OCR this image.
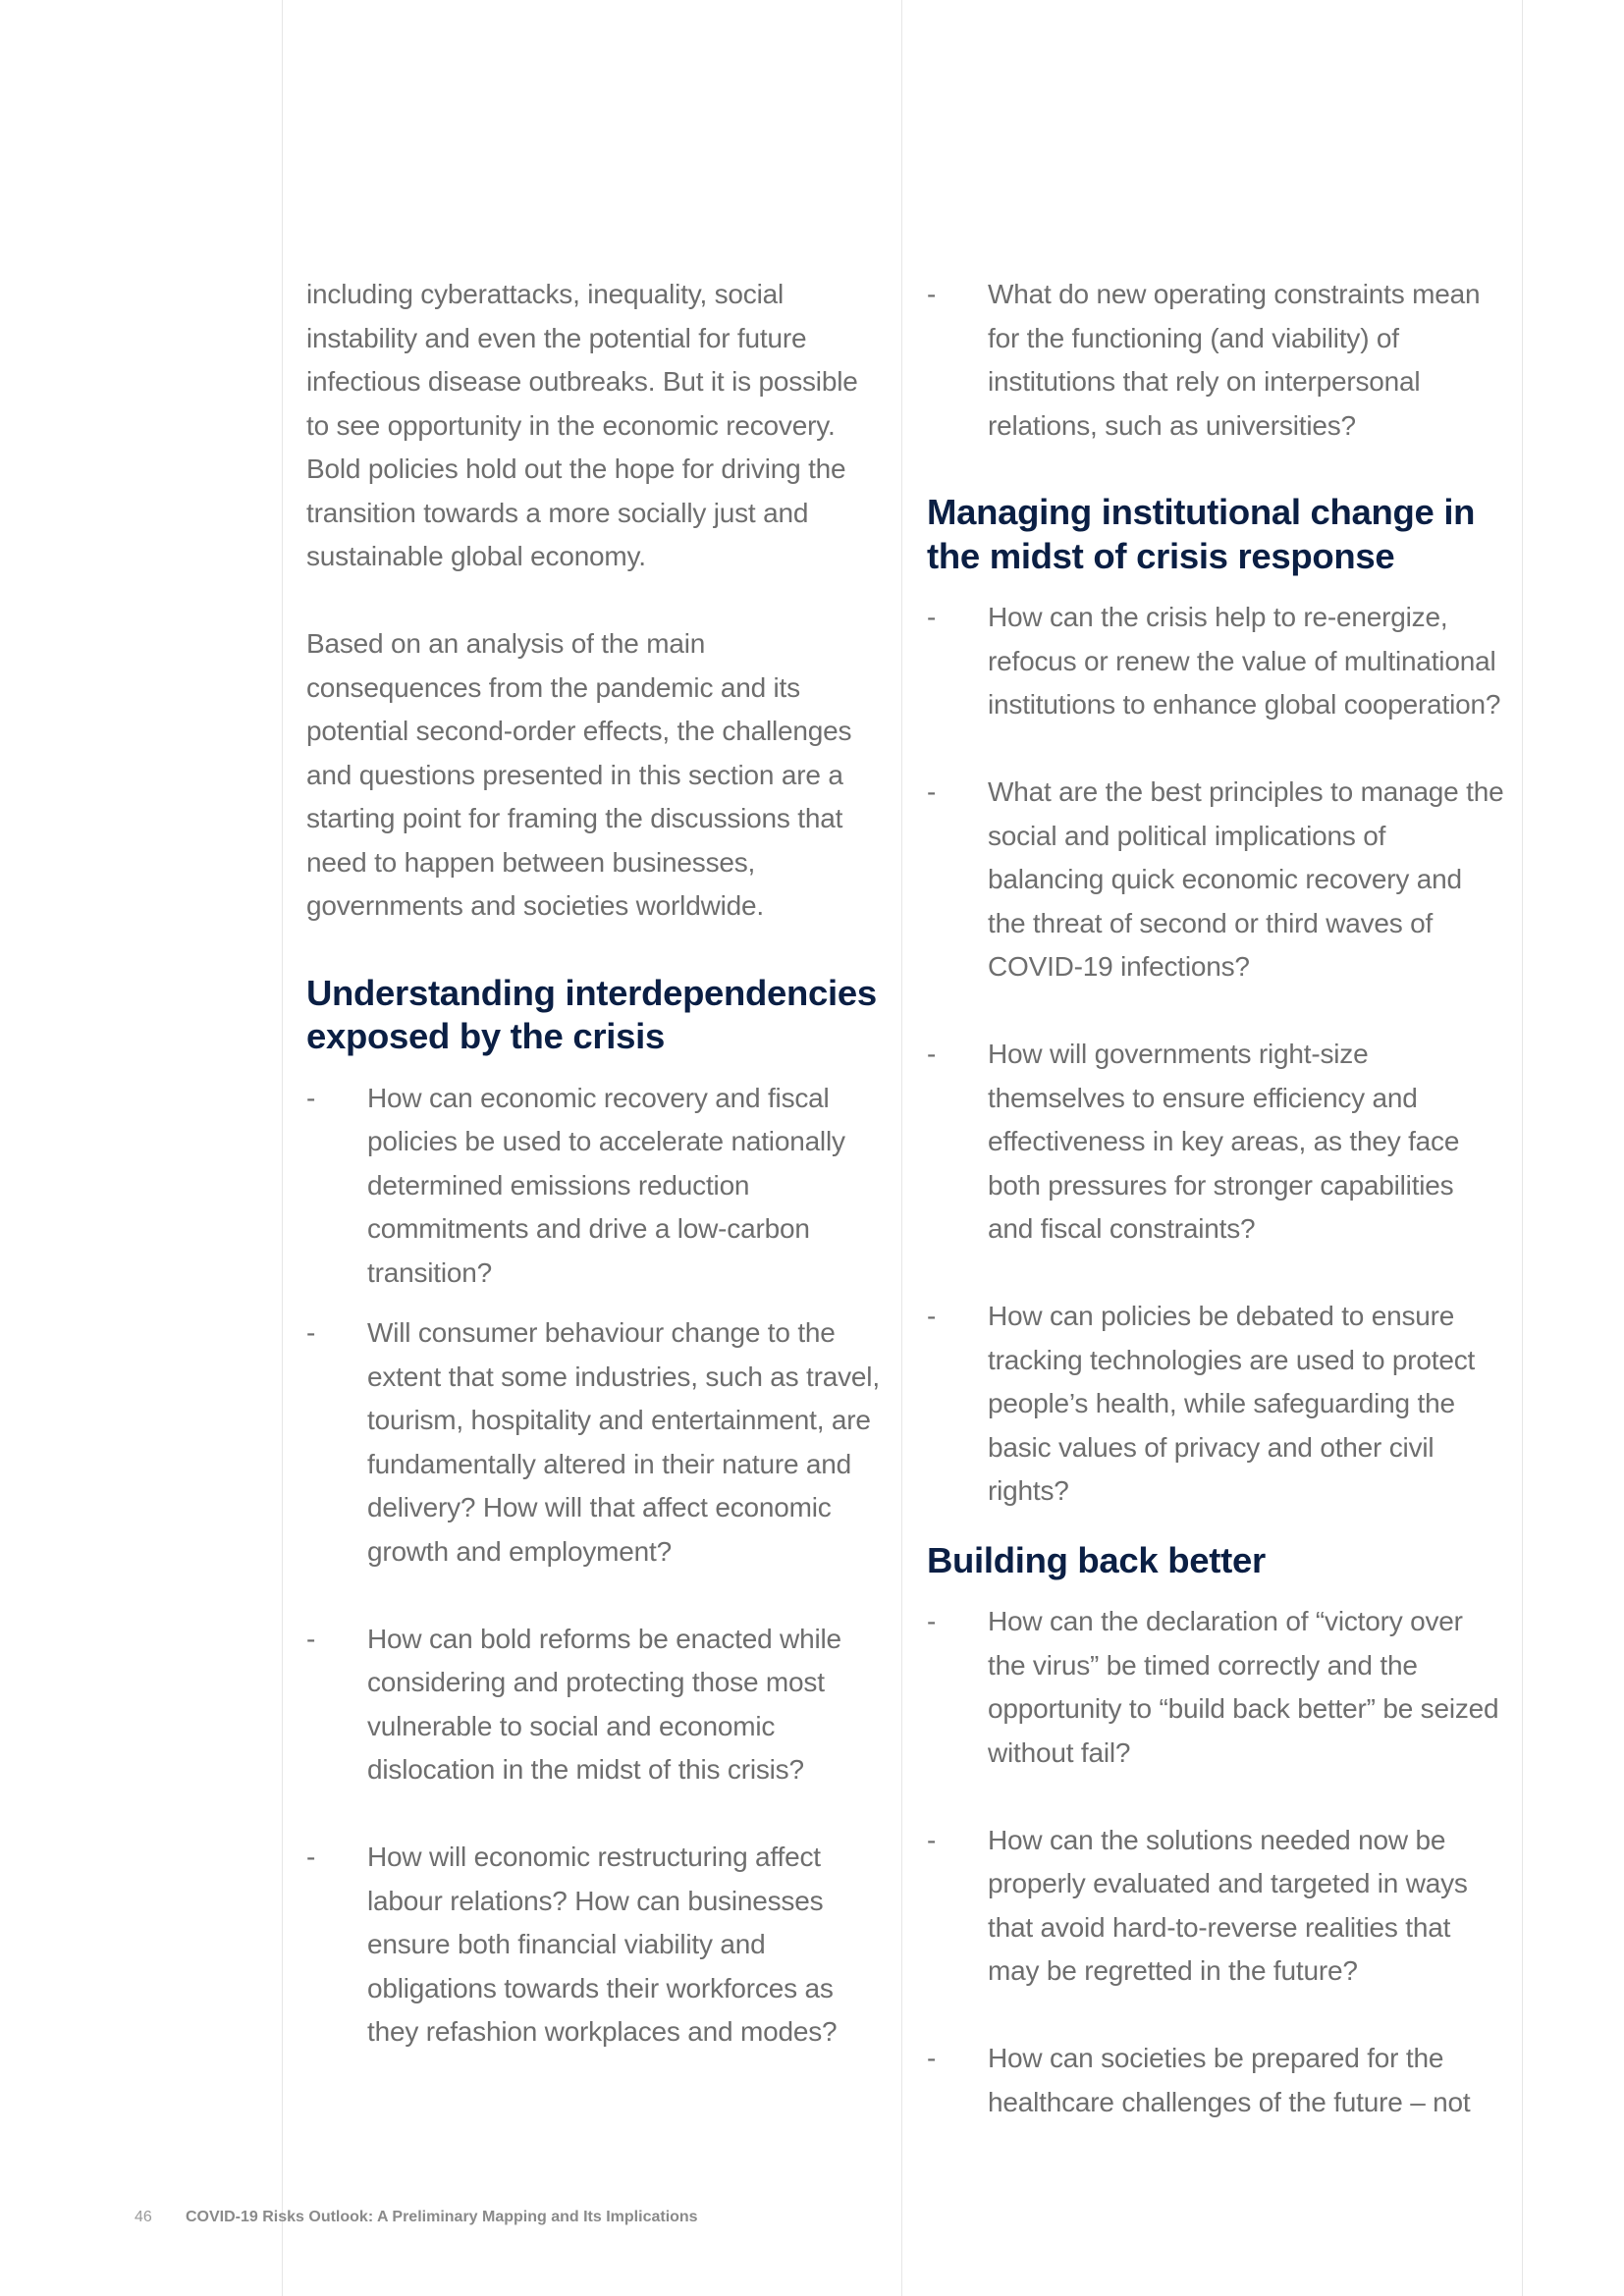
including cyberattacks, inequality, social instability and even the potential for future infectious disease outbreaks. But it is possible to see opportunity in the economic recovery. Bold policies hold out the hope for driving the transition towards a more socially just and sustainable global economy.

Based on an analysis of the main consequences from the pandemic and its potential second-order effects, the challenges and questions presented in this section are a starting point for framing the discussions that need to happen between businesses, governments and societies worldwide.

Understanding interdependencies exposed by the crisis
-	How can economic recovery and fiscal policies be used to accelerate nationally determined emissions reduction commitments and drive a low-carbon transition?
-	Will consumer behaviour change to the extent that some industries, such as travel, tourism, hospitality and entertainment, are fundamentally altered in their nature and delivery? How will that affect economic growth and employment?
-	How can bold reforms be enacted while considering and protecting those most vulnerable to social and economic dislocation in the midst of this crisis?
-	How will economic restructuring affect labour relations? How can businesses ensure both financial viability and obligations towards their workforces as they refashion workplaces and modes?
-	What do new operating constraints mean for the functioning (and viability) of institutions that rely on interpersonal relations, such as universities?
Managing institutional change in the midst of crisis response
-	How can the crisis help to re-energize, refocus or renew the value of multinational institutions to enhance global cooperation?
-	What are the best principles to manage the social and political implications of balancing quick economic recovery and the threat of second or third waves of COVID-19 infections?
-	How will governments right-size themselves to ensure efficiency and effectiveness in key areas, as they face both pressures for stronger capabilities and fiscal constraints?
-	How can policies be debated to ensure tracking technologies are used to protect people’s health, while safeguarding the basic values of privacy and other civil rights?
Building back better
-	How can the declaration of “victory over the virus” be timed correctly and the opportunity to “build back better” be seized without fail?
-	How can the solutions needed now be properly evaluated and targeted in ways that avoid hard-to-reverse realities that may be regretted in the future?
-	How can societies be prepared for the healthcare challenges of the future – not
46 COVID-19 Risks Outlook: A Preliminary Mapping and Its Implications
